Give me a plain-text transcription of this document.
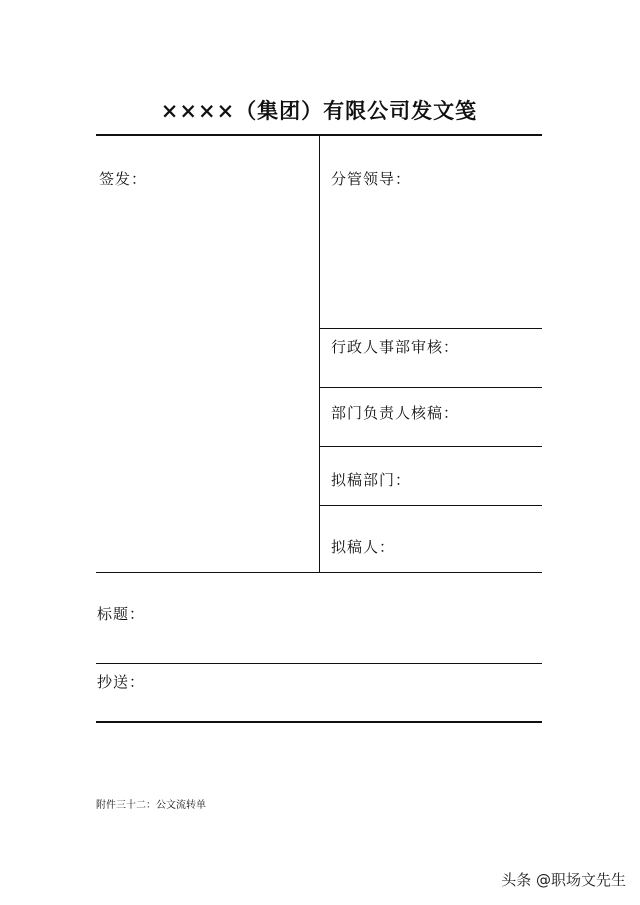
××××（集团）有限公司发文笺
签发：	分管领导：
行政人事部审核：
部门负责人核稿：
拟稿部门：
拟稿人：
标题：
抄送：
附件三十二：公文流转单
头条 @职场文先生
